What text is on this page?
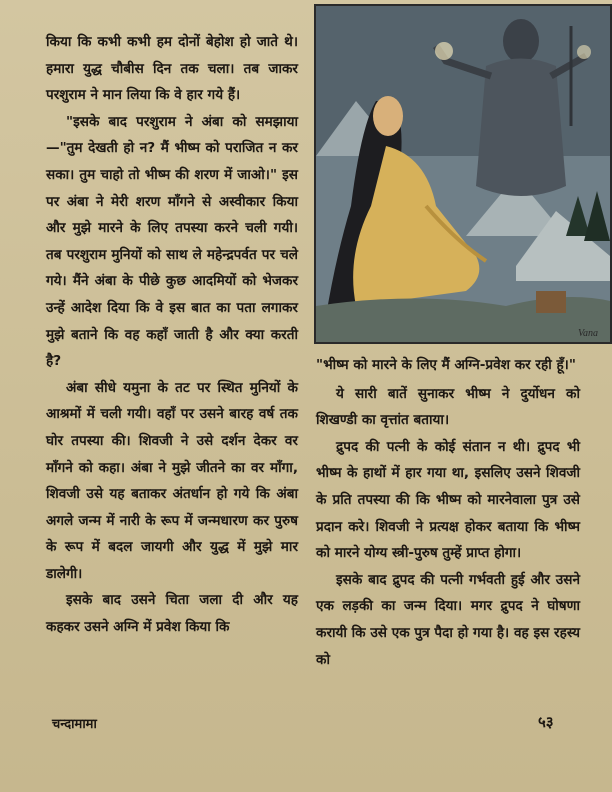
किया कि कभी कभी हम दोनों बेहोश हो जाते थे। हमारा युद्ध चौबीस दिन तक चला। तब जाकर परशुराम ने मान लिया कि वे हार गये हैं।

"इसके बाद परशुराम ने अंबा को समझाया—"तुम देखती हो न? मैं भीष्म को पराजित न कर सका। तुम चाहो तो भीष्म की शरण में जाओ।" इस पर अंबा ने मेरी शरण माँगने से अस्वीकार किया और मुझे मारने के लिए तपस्या करने चली गयी। तब परशुराम मुनियों को साथ ले महेन्द्रपर्वत पर चले गये। मैंने अंबा के पीछे कुछ आदमियों को भेजकर उन्हें आदेश दिया कि वे इस बात का पता लगाकर मुझे बताने कि वह कहाँ जाती है और क्या करती है?

अंबा सीधे यमुना के तट पर स्थित मुनियों के आश्रमों में चली गयी। वहाँ पर उसने बारह वर्ष तक घोर तपस्या की। शिवजी ने उसे दर्शन देकर वर माँगने को कहा। अंबा ने मुझे जीतने का वर माँगा, शिवजी उसे यह बताकर अंतर्धान हो गये कि अंबा अगले जन्म में नारी के रूप में जन्मधारण कर पुरुष के रूप में बदल जायगी और युद्ध में मुझे मार डालेगी।

इसके बाद उसने चिता जला दी और यह कहकर उसने अग्नि में प्रवेश किया कि

Vana

"भीष्म को मारने के लिए मैं अग्नि-प्रवेश कर रही हूँ।"

ये सारी बातें सुनाकर भीष्म ने दुर्योधन को शिखण्डी का वृत्तांत बताया।

द्रुपद की पत्नी के कोई संतान न थी। द्रुपद भी भीष्म के हाथों में हार गया था, इसलिए उसने शिवजी के प्रति तपस्या की कि भीष्म को मारनेवाला पुत्र उसे प्रदान करे। शिवजी ने प्रत्यक्ष होकर बताया कि भीष्म को मारने योग्य स्त्री-पुरुष तुम्हें प्राप्त होगा।

इसके बाद द्रुपद की पत्नी गर्भवती हुई और उसने एक लड़की का जन्म दिया। मगर द्रुपद ने घोषणा करायी कि उसे एक पुत्र पैदा हो गया है। वह इस रहस्य को

चन्दामामा	५३
